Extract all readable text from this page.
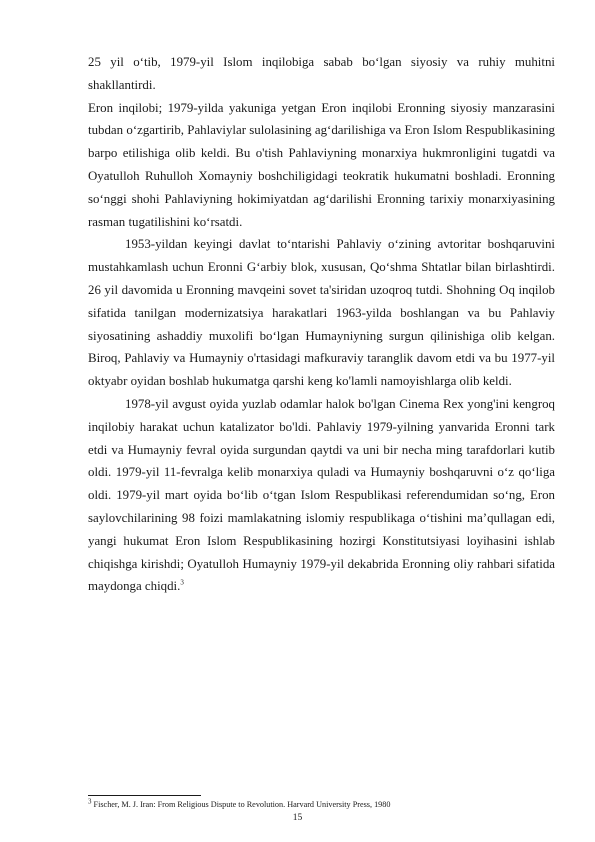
25 yil o‘tib, 1979-yil Islom inqilobiga sabab bo‘lgan siyosiy va ruhiy muhitni shakllantirdi.

Eron inqilobi; 1979-yilda yakuniga yetgan Eron inqilobi Eronning siyosiy manzarasini tubdan o‘zgartirib, Pahlaviylar sulolasining ag‘darilishiga va Eron Islom Respublikasining barpo etilishiga olib keldi. Bu o'tish Pahlaviyning monarxiya hukmronligini tugatdi va Oyatulloh Ruhulloh Xomayniy boshchiligidagi teokratik hukumatni boshladi. Eronning so‘nggi shohi Pahlaviyning hokimiyatdan ag‘darilishi Eronning tarixiy monarxiyasining rasman tugatilishini ko‘rsatdi.

1953-yildan keyingi davlat to‘ntarishi Pahlaviy o‘zining avtoritar boshqaruvini mustahkamlash uchun Eronni G‘arbiy blok, xususan, Qo‘shma Shtatlar bilan birlashtirdi. 26 yil davomida u Eronning mavqeini sovet ta'siridan uzoqroq tutdi. Shohning Oq inqilob sifatida tanilgan modernizatsiya harakatlari 1963-yilda boshlangan va bu Pahlaviy siyosatining ashaddiy muxolifi bo‘lgan Humayniyning surgun qilinishiga olib kelgan. Biroq, Pahlaviy va Humayniy o'rtasidagi mafkuraviy taranglik davom etdi va bu 1977-yil oktyabr oyidan boshlab hukumatga qarshi keng ko'lamli namoyishlarga olib keldi.

1978-yil avgust oyida yuzlab odamlar halok bo'lgan Cinema Rex yong'ini kengroq inqilobiy harakat uchun katalizator bo'ldi. Pahlaviy 1979-yilning yanvarida Eronni tark etdi va Humayniy fevral oyida surgundan qaytdi va uni bir necha ming tarafdorlari kutib oldi. 1979-yil 11-fevralga kelib monarxiya quladi va Humayniy boshqaruvni o‘z qo‘liga oldi. 1979-yil mart oyida bo‘lib o‘tgan Islom Respublikasi referendumidan so‘ng, Eron saylovchilarining 98 foizi mamlakatning islomiy respublikaga o‘tishini ma’qullagan edi, yangi hukumat Eron Islom Respublikasining hozirgi Konstitutsiyasi loyihasini ishlab chiqishga kirishdi; Oyatulloh Humayniy 1979-yil dekabrida Eronning oliy rahbari sifatida maydonga chiqdi.$^3$

$^3$ Fischer, M. J. Iran: From Religious Dispute to Revolution. Harvard University Press, 1980
15
